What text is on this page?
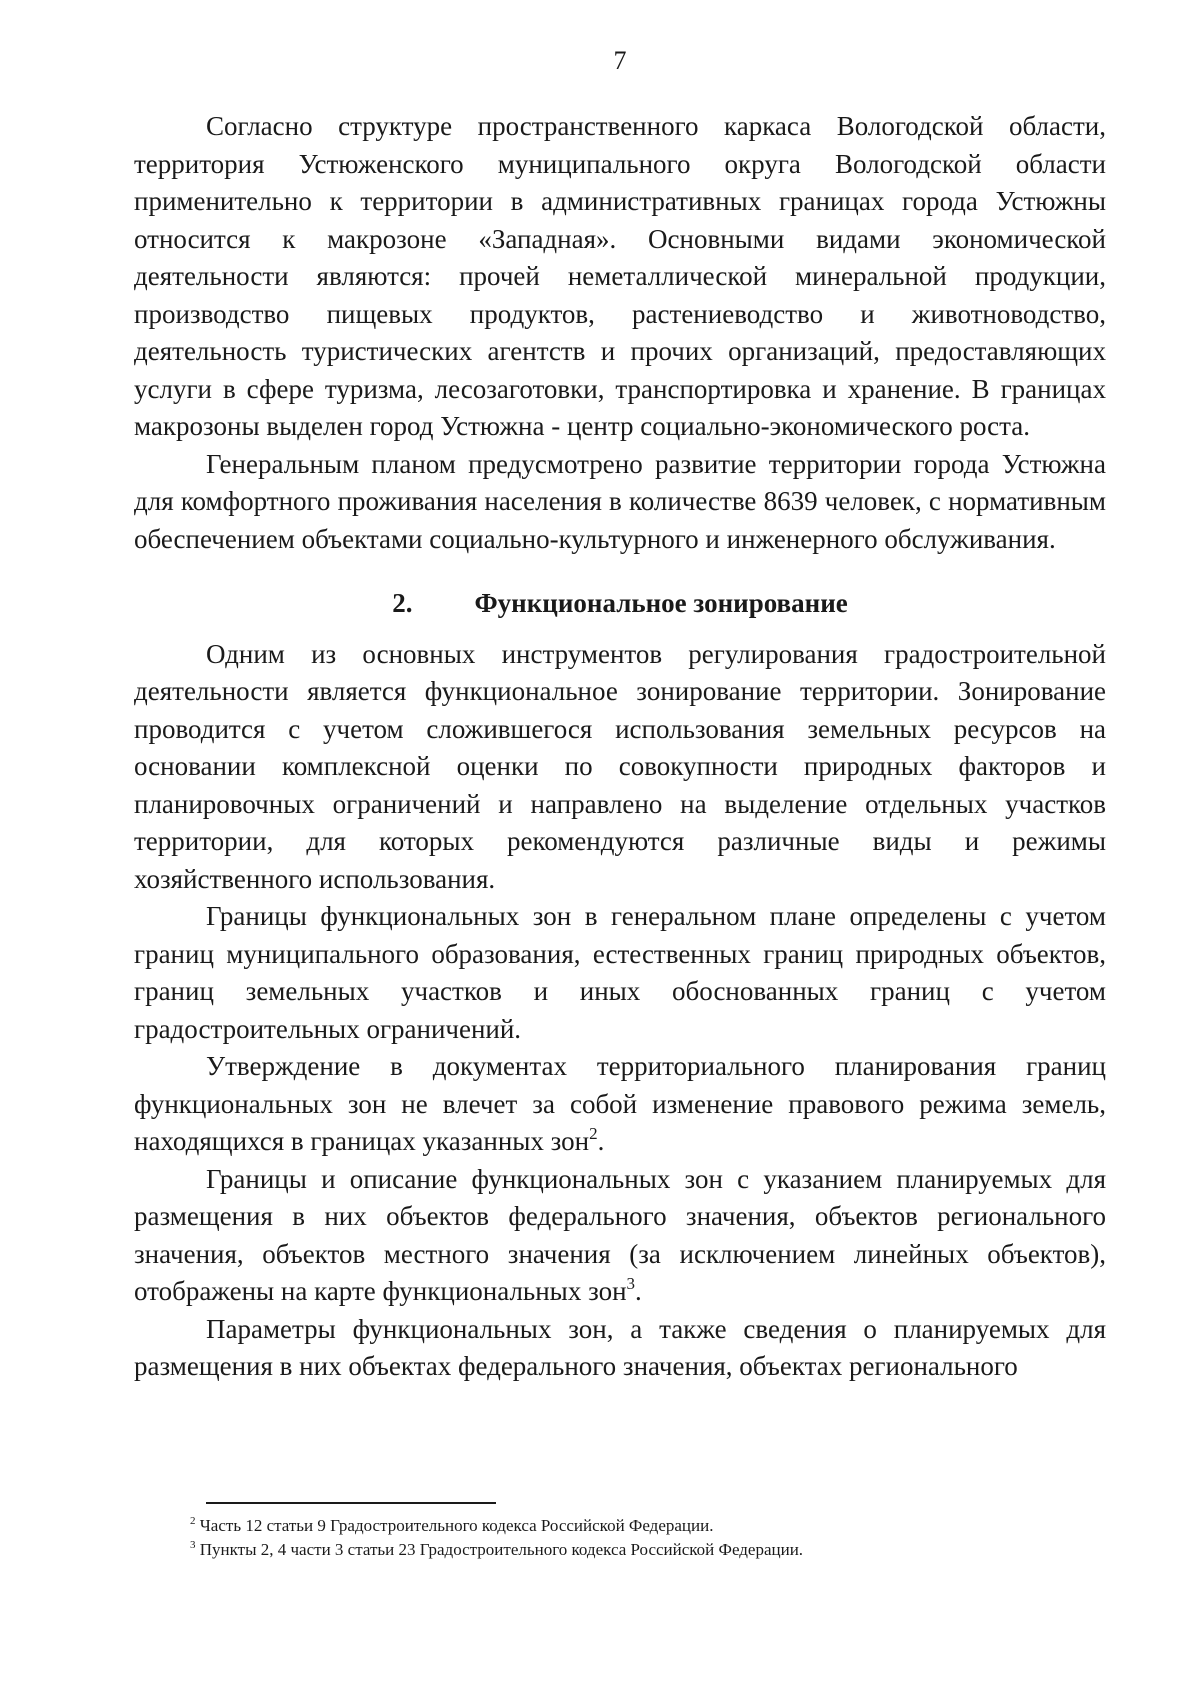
7

Согласно структуре пространственного каркаса Вологодской области, территория Устюженского муниципального округа Вологодской области применительно к территории в административных границах города Устюжны относится к макрозоне «Западная». Основными видами экономической деятельности являются: прочей неметаллической минеральной продукции, производство пищевых продуктов, растениеводство и животноводство, деятельность туристических агентств и прочих организаций, предоставляющих услуги в сфере туризма, лесозаготовки, транспортировка и хранение. В границах макрозоны выделен город Устюжна - центр социально-экономического роста.

Генеральным планом предусмотрено развитие территории города Устюжна для комфортного проживания населения в количестве 8639 человек, с нормативным обеспечением объектами социально-культурного и инженерного обслуживания.

2. Функциональное зонирование

Одним из основных инструментов регулирования градостроительной деятельности является функциональное зонирование территории. Зонирование проводится с учетом сложившегося использования земельных ресурсов на основании комплексной оценки по совокупности природных факторов и планировочных ограничений и направлено на выделение отдельных участков территории, для которых рекомендуются различные виды и режимы хозяйственного использования.

Границы функциональных зон в генеральном плане определены с учетом границ муниципального образования, естественных границ природных объектов, границ земельных участков и иных обоснованных границ с учетом градостроительных ограничений.

Утверждение в документах территориального планирования границ функциональных зон не влечет за собой изменение правового режима земель, находящихся в границах указанных зон$^2$.

Границы и описание функциональных зон с указанием планируемых для размещения в них объектов федерального значения, объектов регионального значения, объектов местного значения (за исключением линейных объектов), отображены на карте функциональных зон$^3$.

Параметры функциональных зон, а также сведения о планируемых для размещения в них объектах федерального значения, объектах регионального

$^2$ Часть 12 статьи 9 Градостроительного кодекса Российской Федерации.

$^3$ Пункты 2, 4 части 3 статьи 23 Градостроительного кодекса Российской Федерации.
